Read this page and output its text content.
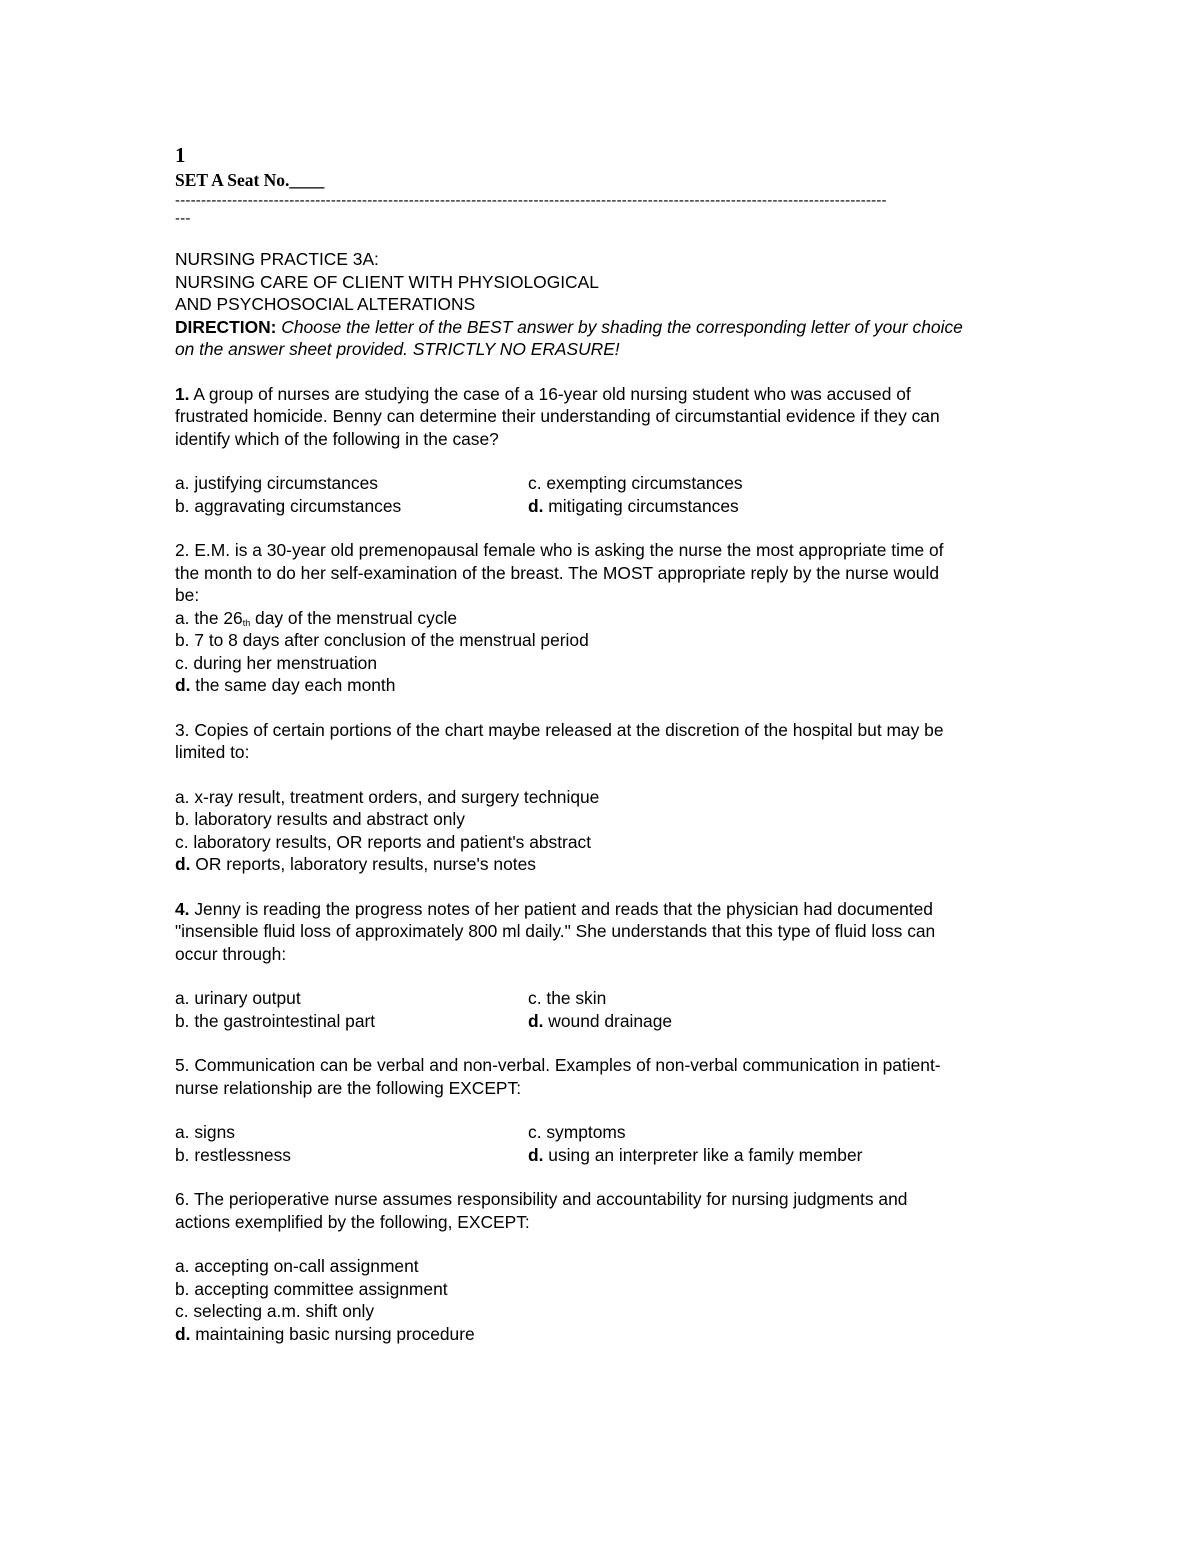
1
SET A Seat No.____
-----------------------------------------------------------------------------------------------------------------------------------------
---
NURSING PRACTICE 3A:
NURSING CARE OF CLIENT WITH PHYSIOLOGICAL
AND PSYCHOSOCIAL ALTERATIONS
DIRECTION: Choose the letter of the BEST answer by shading the corresponding letter of your choice
on the answer sheet provided. STRICTLY NO ERASURE!
1. A group of nurses are studying the case of a 16-year old nursing student who was accused of
frustrated homicide. Benny can determine their understanding of circumstantial evidence if they can
identify which of the following in the case?
a. justifying circumstances	c. exempting circumstances
b. aggravating circumstances	d. mitigating circumstances
2. E.M. is a 30-year old premenopausal female who is asking the nurse the most appropriate time of
the month to do her self-examination of the breast. The MOST appropriate reply by the nurse would
be:
a. the 26th day of the menstrual cycle
b. 7 to 8 days after conclusion of the menstrual period
c. during her menstruation
d. the same day each month
3. Copies of certain portions of the chart maybe released at the discretion of the hospital but may be
limited to:
a. x-ray result, treatment orders, and surgery technique
b. laboratory results and abstract only
c. laboratory results, OR reports and patient's abstract
d. OR reports, laboratory results, nurse's notes
4. Jenny is reading the progress notes of her patient and reads that the physician had documented
"insensible fluid loss of approximately 800 ml daily." She understands that this type of fluid loss can
occur through:
a. urinary output	c. the skin
b. the gastrointestinal part	d. wound drainage
5. Communication can be verbal and non-verbal. Examples of non-verbal communication in patient-
nurse relationship are the following EXCEPT:
a. signs	c. symptoms
b. restlessness	d. using an interpreter like a family member
6. The perioperative nurse assumes responsibility and accountability for nursing judgments and
actions exemplified by the following, EXCEPT:
a. accepting on-call assignment
b. accepting committee assignment
c. selecting a.m. shift only
d. maintaining basic nursing procedure
